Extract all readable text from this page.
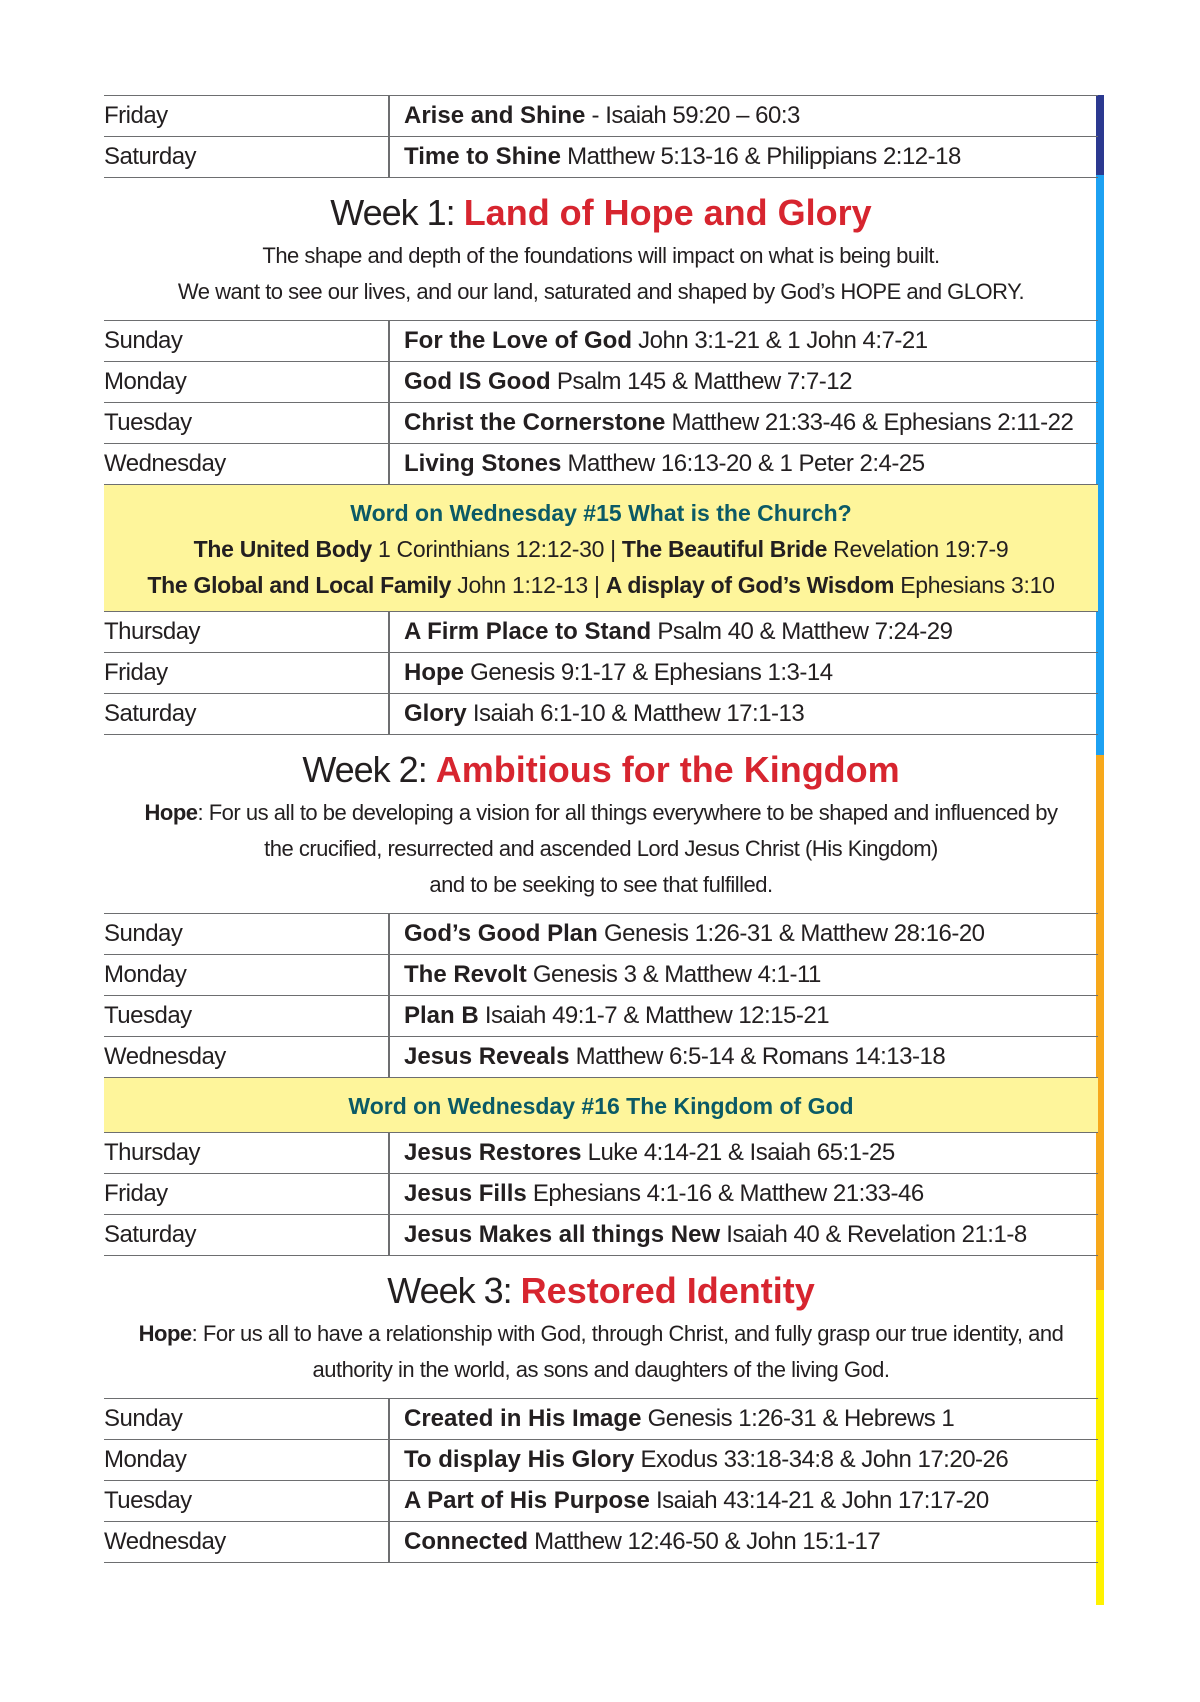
Friday	Arise and Shine - Isaiah 59:20 – 60:3
Saturday	Time to Shine Matthew 5:13-16 & Philippians 2:12-18
Week 1: Land of Hope and Glory
The shape and depth of the foundations will impact on what is being built.
We want to see our lives, and our land, saturated and shaped by God’s HOPE and GLORY.
Sunday	For the Love of God John 3:1-21 & 1 John 4:7-21
Monday	God IS Good Psalm 145 & Matthew 7:7-12
Tuesday	Christ the Cornerstone Matthew 21:33-46 & Ephesians 2:11-22
Wednesday	Living Stones Matthew 16:13-20 & 1 Peter 2:4-25
Word on Wednesday #15 What is the Church?
The United Body 1 Corinthians 12:12-30 | The Beautiful Bride Revelation 19:7-9
The Global and Local Family John 1:12-13 | A display of God’s Wisdom Ephesians 3:10
Thursday	A Firm Place to Stand Psalm 40 & Matthew 7:24-29
Friday	Hope Genesis 9:1-17 & Ephesians 1:3-14
Saturday	Glory Isaiah 6:1-10 & Matthew 17:1-13
Week 2: Ambitious for the Kingdom
Hope: For us all to be developing a vision for all things everywhere to be shaped and influenced by
the crucified, resurrected and ascended Lord Jesus Christ (His Kingdom)
and to be seeking to see that fulfilled.
Sunday	God’s Good Plan Genesis 1:26-31 & Matthew 28:16-20
Monday	The Revolt Genesis 3 & Matthew 4:1-11
Tuesday	Plan B Isaiah 49:1-7 & Matthew 12:15-21
Wednesday	Jesus Reveals Matthew 6:5-14 & Romans 14:13-18
Word on Wednesday #16 The Kingdom of God
Thursday	Jesus Restores Luke 4:14-21 & Isaiah 65:1-25
Friday	Jesus Fills Ephesians 4:1-16 & Matthew 21:33-46
Saturday	Jesus Makes all things New Isaiah 40 & Revelation 21:1-8
Week 3: Restored Identity
Hope: For us all to have a relationship with God, through Christ, and fully grasp our true identity, and
authority in the world, as sons and daughters of the living God.
Sunday	Created in His Image Genesis 1:26-31 & Hebrews 1
Monday	To display His Glory Exodus 33:18-34:8 & John 17:20-26
Tuesday	A Part of His Purpose Isaiah 43:14-21 & John 17:17-20
Wednesday	Connected Matthew 12:46-50 & John 15:1-17
